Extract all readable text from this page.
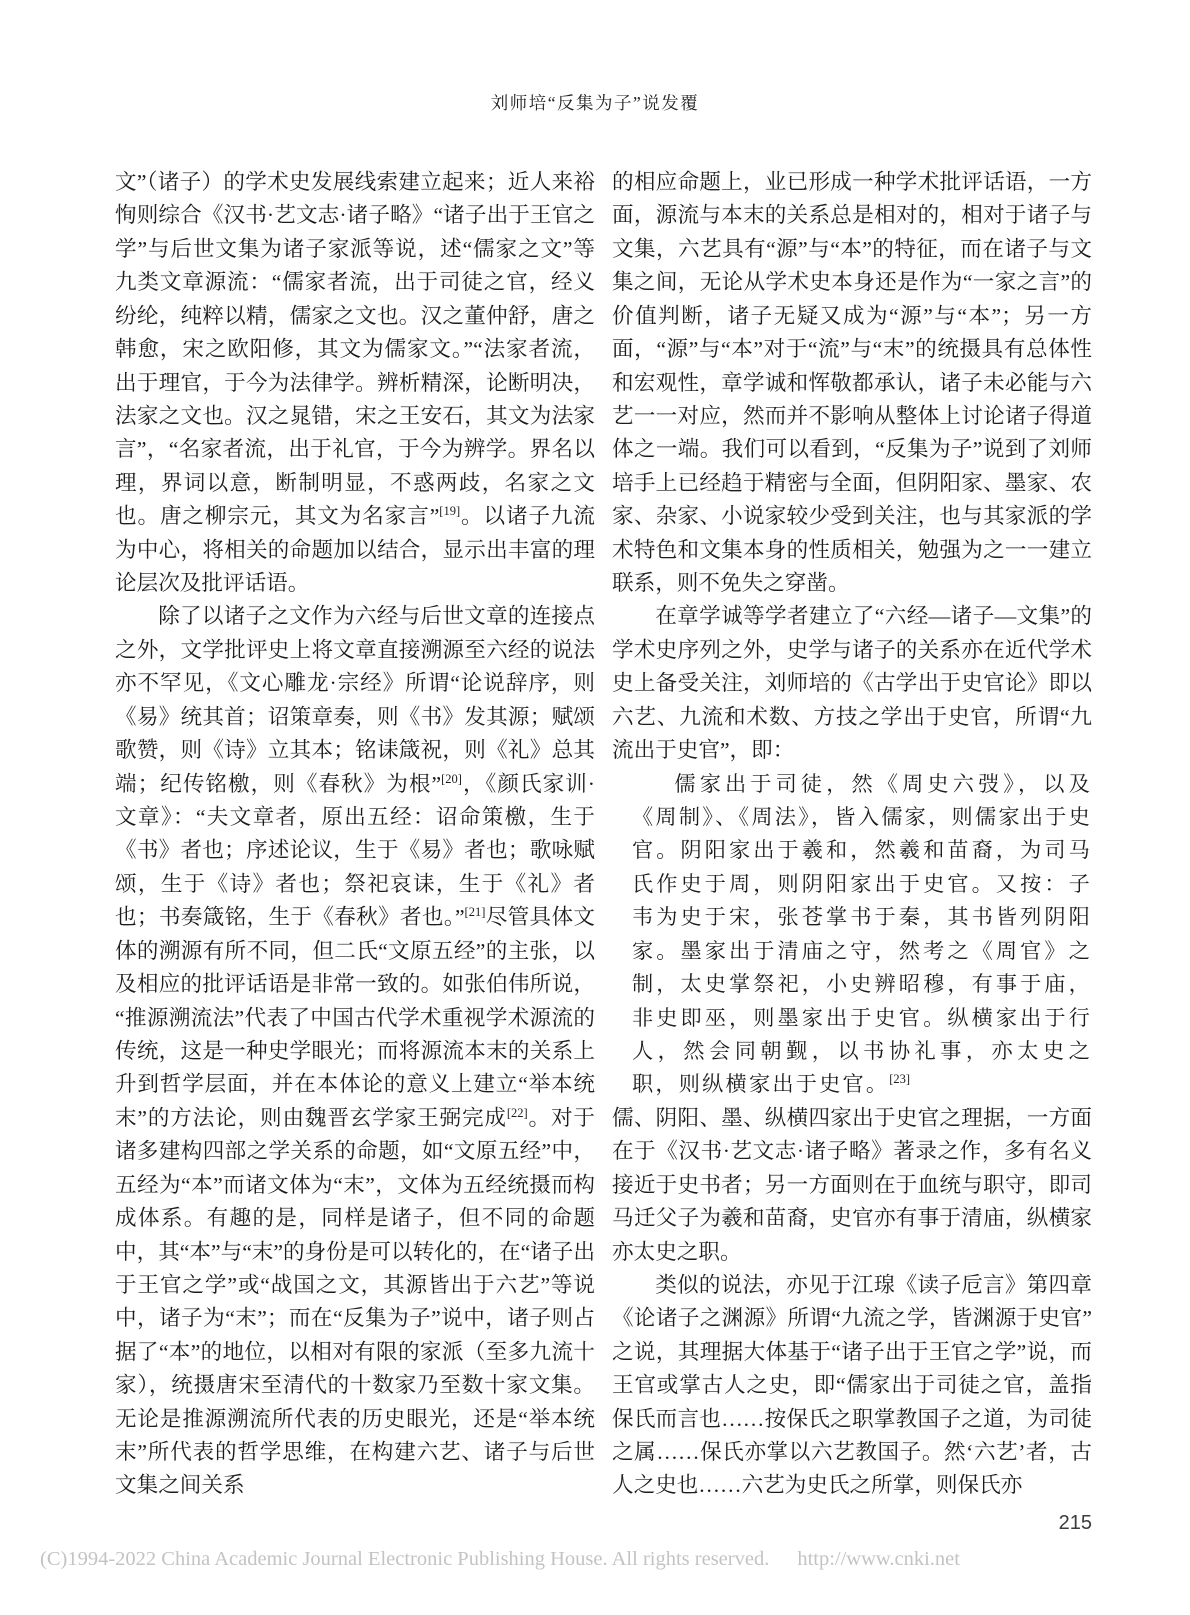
刘师培“反集为子”说发覆

文”（诸子）的学术史发展线索建立起来；近人来裕恂则综合《汉书·艺文志·诸子略》“诸子出于王官之学”与后世文集为诸子家派等说，述“儒家之文”等九类文章源流：“儒家者流，出于司徒之官，经义纷纶，纯粹以精，儒家之文也。汉之董仲舒，唐之韩愈，宋之欧阳修，其文为儒家文。”“法家者流，出于理官，于今为法律学。辨析精深，论断明决，法家之文也。汉之晁错，宋之王安石，其文为法家言”，“名家者流，出于礼官，于今为辨学。界名以理，界词以意，断制明显，不惑两歧，名家之文也。唐之柳宗元，其文为名家言”[19]。以诸子九流为中心，将相关的命题加以结合，显示出丰富的理论层次及批评话语。

除了以诸子之文作为六经与后世文章的连接点之外，文学批评史上将文章直接溯源至六经的说法亦不罕见，《文心雕龙·宗经》所谓“论说辞序，则《易》统其首；诏策章奏，则《书》发其源；赋颂歌赞，则《诗》立其本；铭诔箴祝，则《礼》总其端；纪传铭檄，则《春秋》为根”[20]，《颜氏家训·文章》：“夫文章者，原出五经：诏命策檄，生于《书》者也；序述论议，生于《易》者也；歌咏赋颂，生于《诗》者也；祭祀哀诔，生于《礼》者也；书奏箴铭，生于《春秋》者也。”[21]尽管具体文体的溯源有所不同，但二氏“文原五经”的主张，以及相应的批评话语是非常一致的。如张伯伟所说，“推源溯流法”代表了中国古代学术重视学术源流的传统，这是一种史学眼光；而将源流本末的关系上升到哲学层面，并在本体论的意义上建立“举本统末”的方法论，则由魏晋玄学家王弼完成[22]。对于诸多建构四部之学关系的命题，如“文原五经”中，五经为“本”而诸文体为“末”，文体为五经统摄而构成体系。有趣的是，同样是诸子，但不同的命题中，其“本”与“末”的身份是可以转化的，在“诸子出于王官之学”或“战国之文，其源皆出于六艺”等说中，诸子为“末”；而在“反集为子”说中，诸子则占据了“本”的地位，以相对有限的家派（至多九流十家），统摄唐宋至清代的十数家乃至数十家文集。无论是推源溯流所代表的历史眼光，还是“举本统末”所代表的哲学思维，在构建六艺、诸子与后世文集之间关系

的相应命题上，业已形成一种学术批评话语，一方面，源流与本末的关系总是相对的，相对于诸子与文集，六艺具有“源”与“本”的特征，而在诸子与文集之间，无论从学术史本身还是作为“一家之言”的价值判断，诸子无疑又成为“源”与“本”；另一方面，“源”与“本”对于“流”与“末”的统摄具有总体性和宏观性，章学诚和恽敬都承认，诸子未必能与六艺一一对应，然而并不影响从整体上讨论诸子得道体之一端。我们可以看到，“反集为子”说到了刘师培手上已经趋于精密与全面，但阴阳家、墨家、农家、杂家、小说家较少受到关注，也与其家派的学术特色和文集本身的性质相关，勉强为之一一建立联系，则不免失之穿凿。

在章学诚等学者建立了“六经—诸子—文集”的学术史序列之外，史学与诸子的关系亦在近代学术史上备受关注，刘师培的《古学出于史官论》即以六艺、九流和术数、方技之学出于史官，所谓“九流出于史官”，即：

儒家出于司徒，然《周史六弢》，以及《周制》、《周法》，皆入儒家，则儒家出于史官。阴阳家出于羲和，然羲和苗裔，为司马氏作史于周，则阴阳家出于史官。又按：子韦为史于宋，张苍掌书于秦，其书皆列阴阳家。墨家出于清庙之守，然考之《周官》之制，太史掌祭祀，小史辨昭穆，有事于庙，非史即巫，则墨家出于史官。纵横家出于行人，然会同朝觐，以书协礼事，亦太史之职，则纵横家出于史官。[23]

儒、阴阳、墨、纵横四家出于史官之理据，一方面在于《汉书·艺文志·诸子略》著录之作，多有名义接近于史书者；另一方面则在于血统与职守，即司马迁父子为羲和苗裔，史官亦有事于清庙，纵横家亦太史之职。

类似的说法，亦见于江瑔《读子卮言》第四章《论诸子之渊源》所谓“九流之学，皆渊源于史官”之说，其理据大体基于“诸子出于王官之学”说，而王官或掌古人之史，即“儒家出于司徒之官，盖指保氏而言也……按保氏之职掌教国子之道，为司徒之属……保氏亦掌以六艺教国子。然‘六艺’者，古人之史也……六艺为史氏之所掌，则保氏亦

215
(C)1994-2022 China Academic Journal Electronic Publishing House. All rights reserved. http://www.cnki.net
